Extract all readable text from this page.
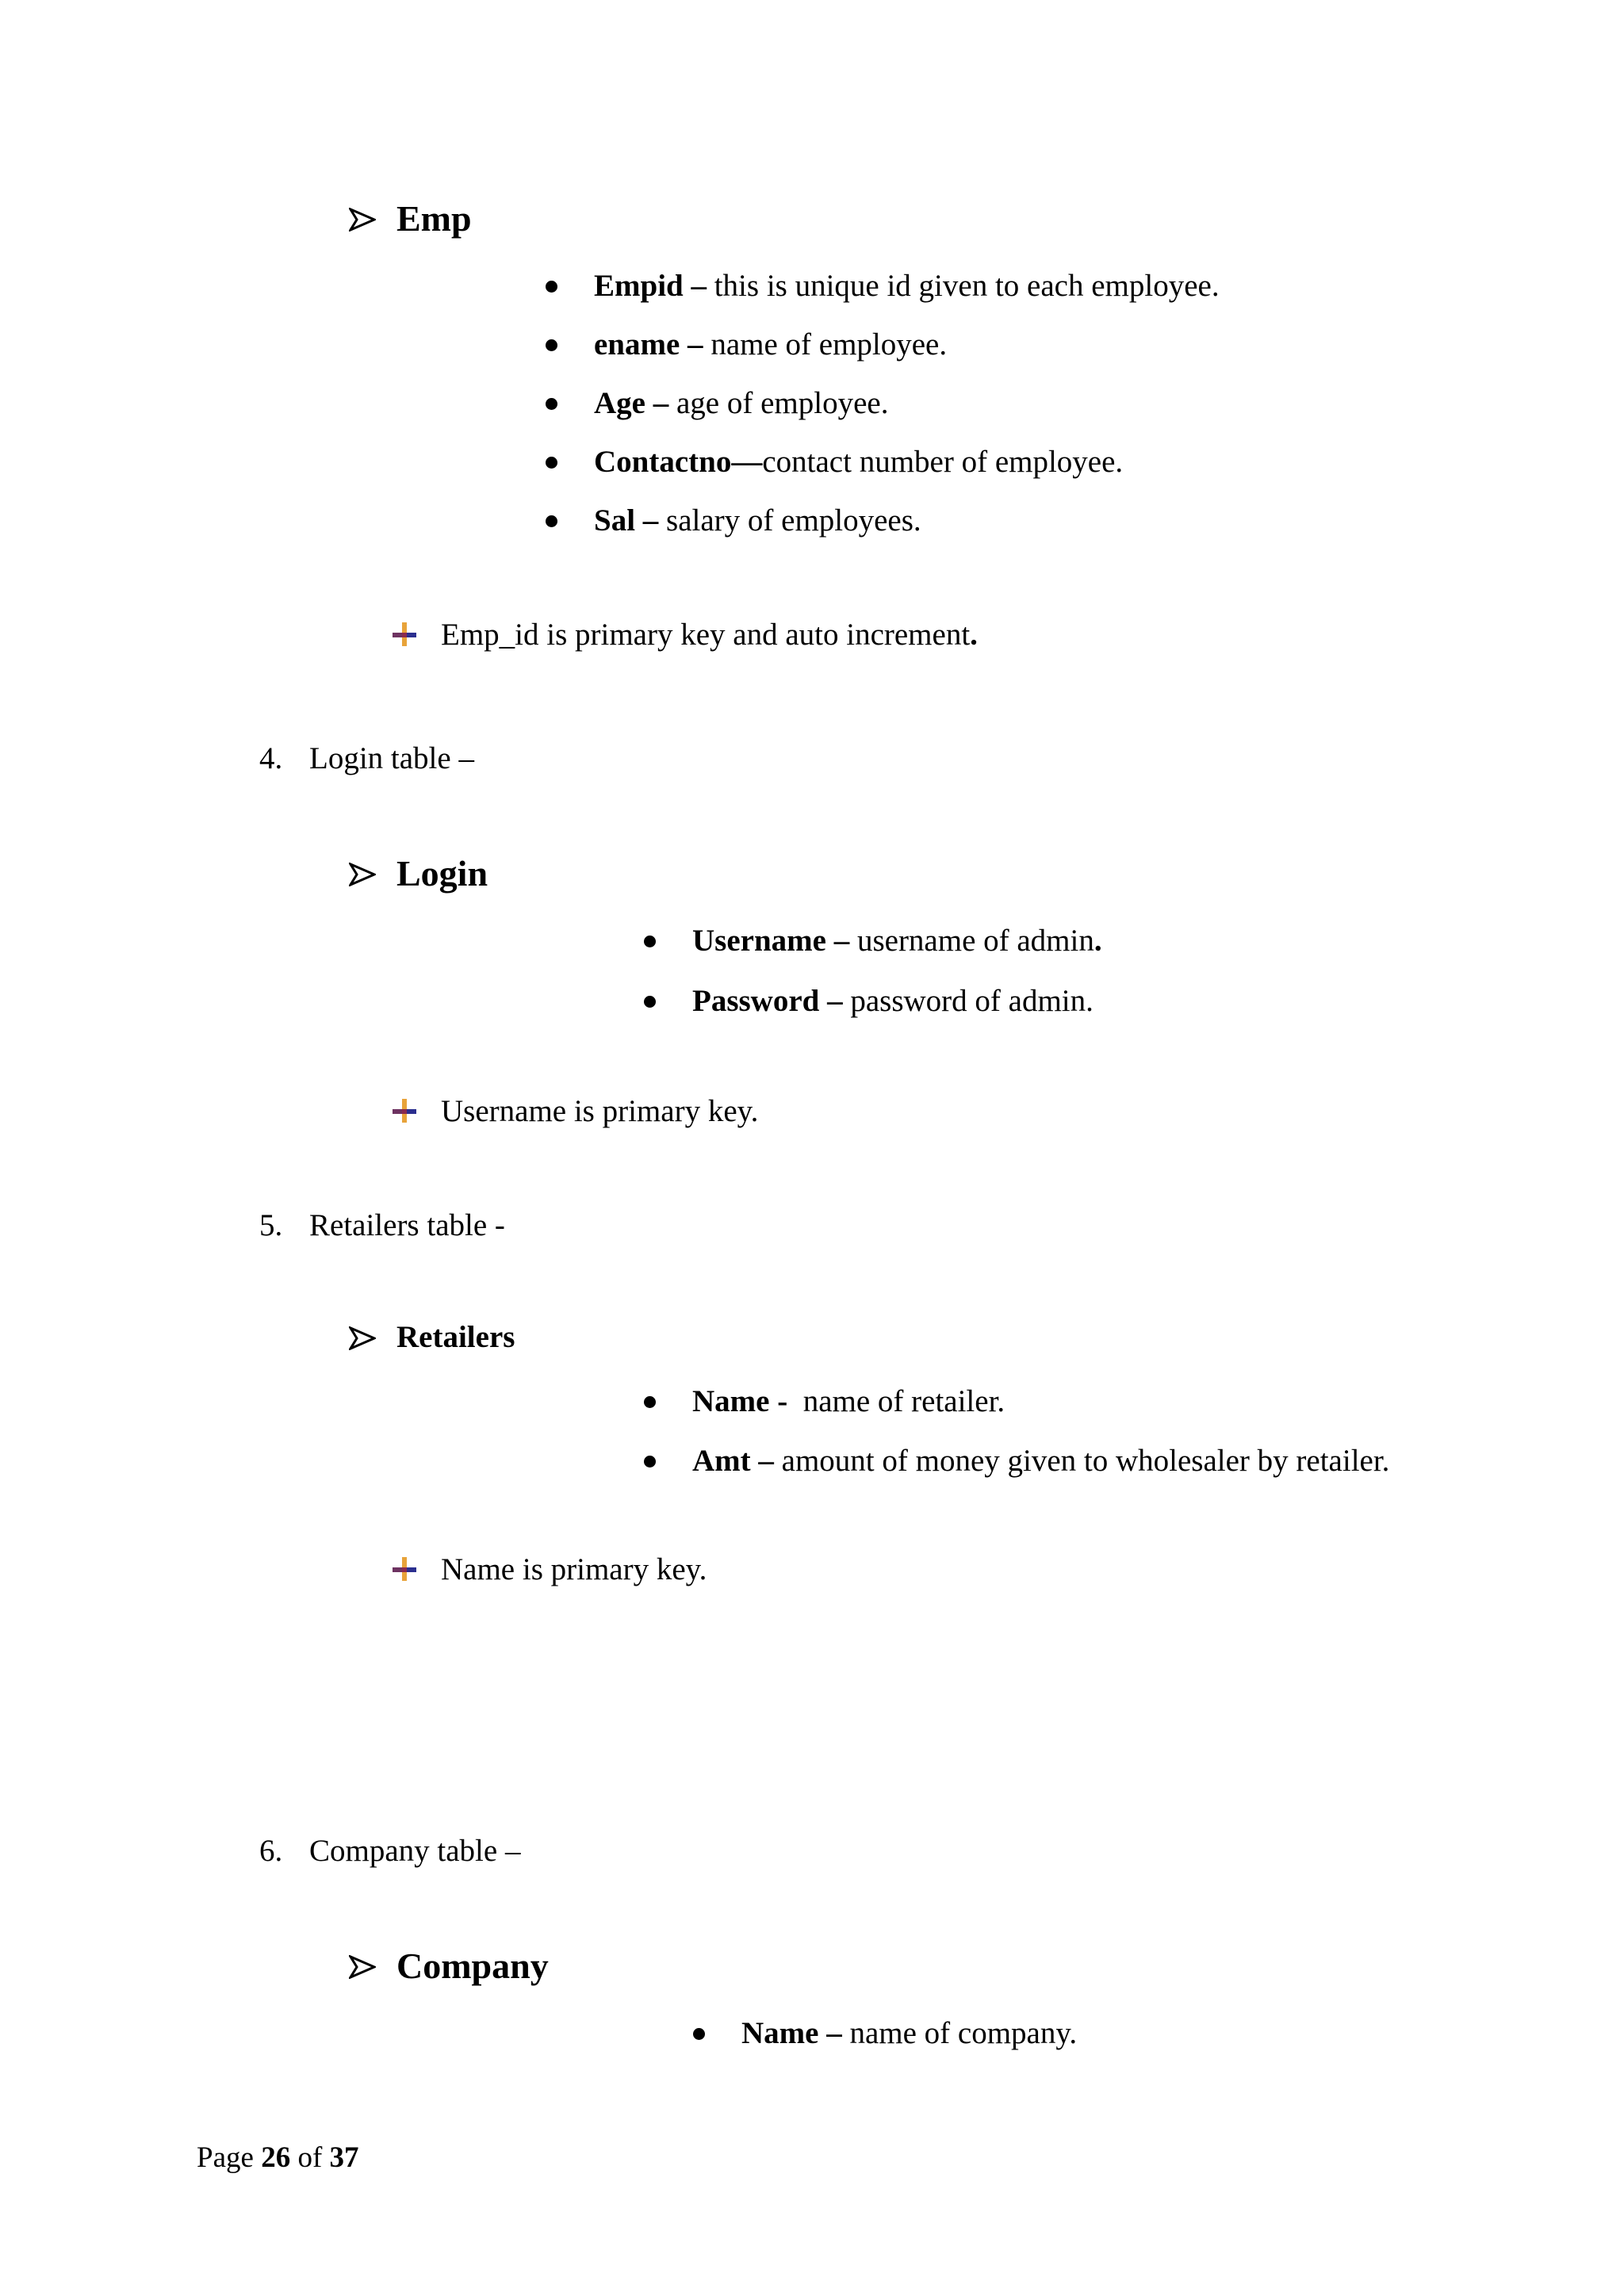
Emp
Empid – this is unique id given to each employee.
ename – name of employee.
Age – age of employee.
Contactno—contact number of employee.
Sal – salary of employees.
Emp_id is primary key and auto increment.
4. Login table –
Login
Username – username of admin.
Password – password of admin.
Username is primary key.
5. Retailers table -
Retailers
Name -  name of retailer.
Amt – amount of money given to wholesaler by retailer.
Name is primary key.
6. Company table –
Company
Name – name of company.
Page 26 of 37
